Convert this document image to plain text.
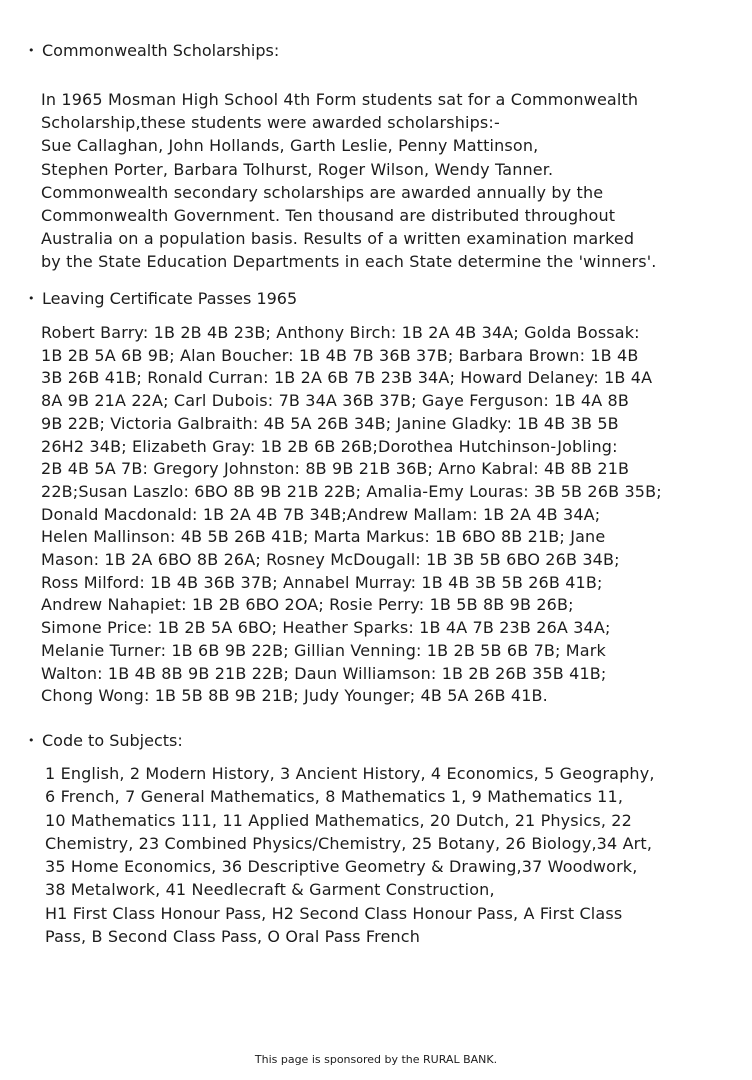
• Commonwealth Scholarships:
In 1965 Mosman High School 4th Form students sat for a Commonwealth
Scholarship,these students were awarded scholarships:-
Sue Callaghan, John Hollands, Garth Leslie, Penny Mattinson,
Stephen Porter, Barbara Tolhurst, Roger Wilson, Wendy Tanner.
Commonwealth secondary scholarships are awarded annually by the
Commonwealth Government. Ten thousand are distributed throughout
Australia on a population basis. Results of a written examination marked
by the State Education Departments in each State determine the 'winners'.
• Leaving Certificate Passes 1965
Robert Barry: 1B 2B 4B 23B; Anthony Birch: 1B 2A 4B 34A; Golda Bossak:
1B 2B 5A 6B 9B; Alan Boucher: 1B 4B 7B 36B 37B; Barbara Brown: 1B 4B
3B 26B 41B; Ronald Curran: 1B 2A 6B 7B 23B 34A; Howard Delaney: 1B 4A
8A 9B 21A 22A; Carl Dubois: 7B 34A 36B 37B; Gaye Ferguson: 1B 4A 8B
9B 22B; Victoria Galbraith: 4B 5A 26B 34B; Janine Gladky: 1B 4B 3B 5B
26H2 34B; Elizabeth Gray: 1B 2B 6B 26B;Dorothea Hutchinson-Jobling:
2B 4B 5A 7B: Gregory Johnston: 8B 9B 21B 36B; Arno Kabral: 4B 8B 21B
22B;Susan Laszlo: 6BO 8B 9B 21B 22B; Amalia-Emy Louras: 3B 5B 26B 35B;
Donald Macdonald: 1B 2A 4B 7B 34B;Andrew Mallam: 1B 2A 4B 34A;
Helen Mallinson: 4B 5B 26B 41B; Marta Markus: 1B 6BO 8B 21B; Jane
Mason: 1B 2A 6BO 8B 26A; Rosney McDougall: 1B 3B 5B 6BO 26B 34B;
Ross Milford: 1B 4B 36B 37B; Annabel Murray: 1B 4B 3B 5B 26B 41B;
Andrew Nahapiet: 1B 2B 6BO 2OA; Rosie Perry: 1B 5B 8B 9B 26B;
Simone Price: 1B 2B 5A 6BO; Heather Sparks: 1B 4A 7B 23B 26A 34A;
Melanie Turner: 1B 6B 9B 22B; Gillian Venning: 1B 2B 5B 6B 7B; Mark
Walton: 1B 4B 8B 9B 21B 22B; Daun Williamson: 1B 2B 26B 35B 41B;
Chong Wong: 1B 5B 8B 9B 21B; Judy Younger; 4B 5A 26B 41B.
• Code to Subjects:
1 English, 2 Modern History, 3 Ancient History, 4 Economics, 5 Geography,
6 French, 7 General Mathematics, 8 Mathematics 1, 9 Mathematics 11,
10 Mathematics 111, 11 Applied Mathematics, 20 Dutch, 21 Physics, 22
Chemistry, 23 Combined Physics/Chemistry, 25 Botany, 26 Biology,34 Art,
35 Home Economics, 36 Descriptive Geometry & Drawing,37 Woodwork,
38 Metalwork, 41 Needlecraft & Garment Construction,
H1 First Class Honour Pass, H2 Second Class Honour Pass, A First Class
Pass, B Second Class Pass, O Oral Pass French
This page is sponsored by the RURAL BANK.
